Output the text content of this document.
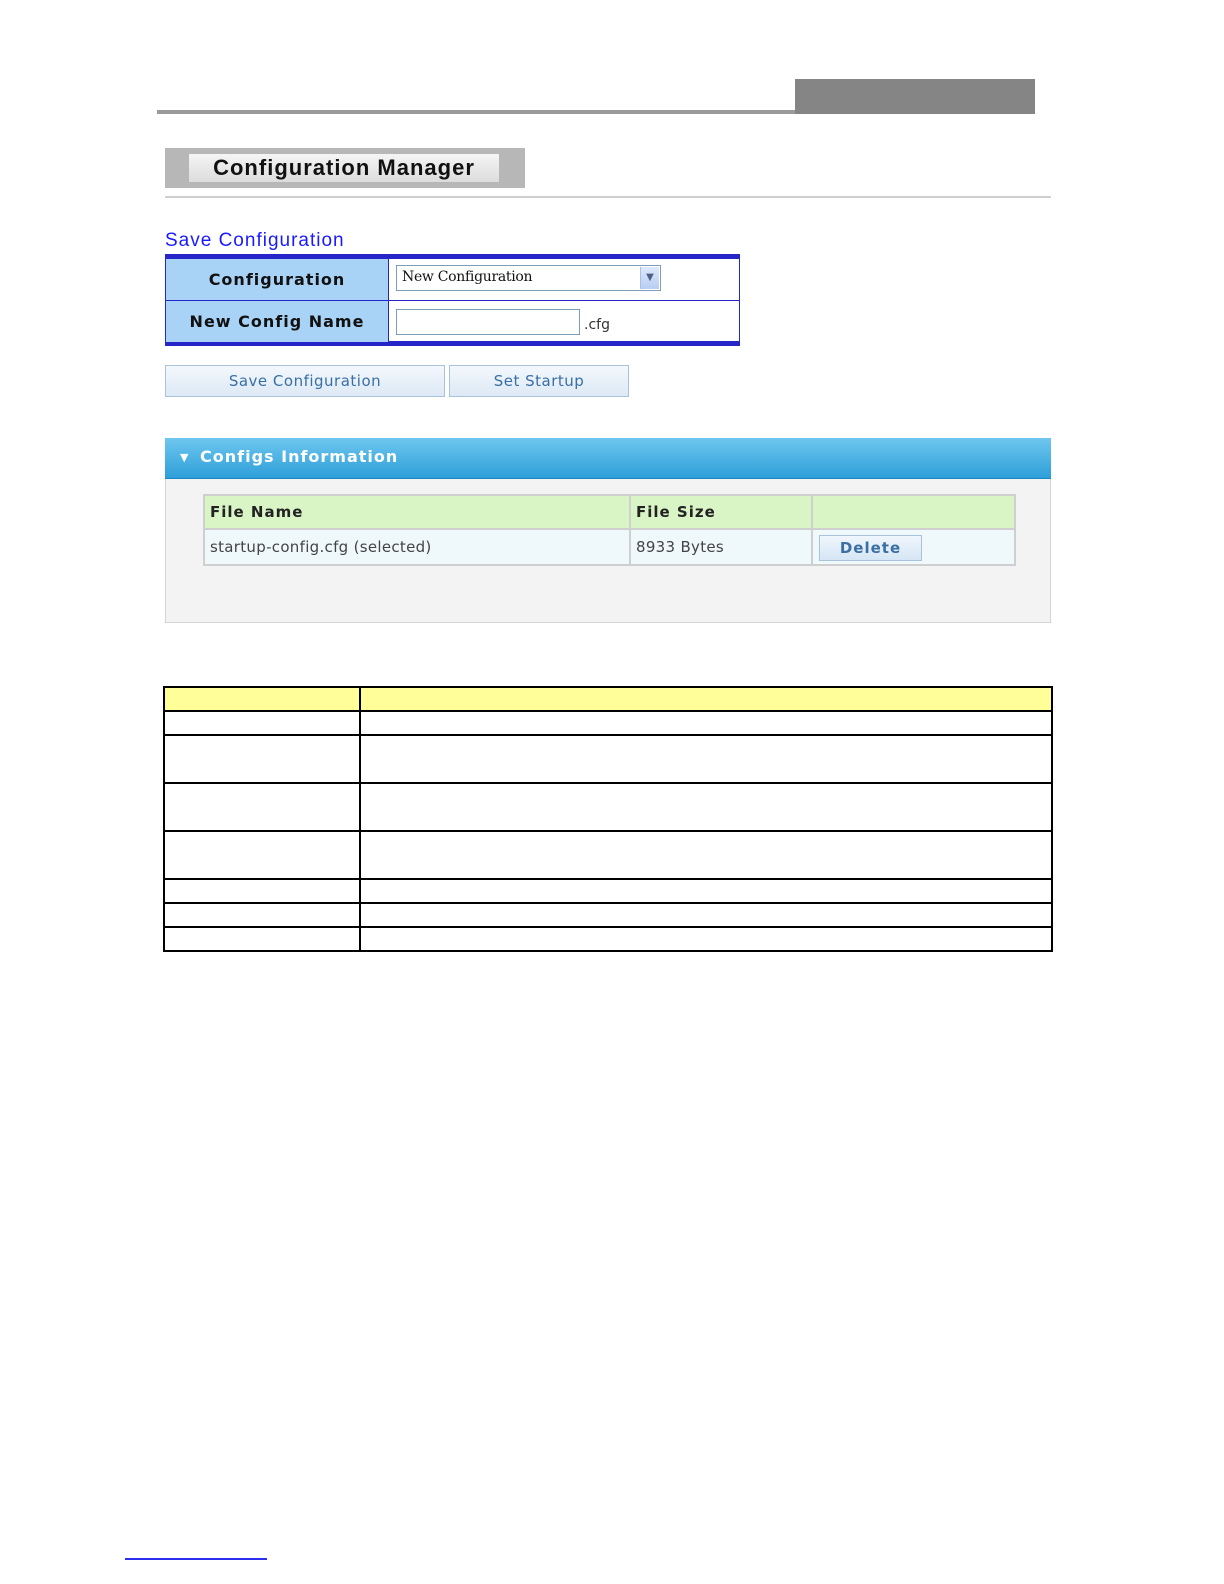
Configuration Manager
Save Configuration
Configuration	New Configuration	▼
New Config Name	.cfg
Save Configuration	Set Startup
▼ Configs Information
File Name	File Size
startup-config.cfg (selected)	8933 Bytes	Delete
